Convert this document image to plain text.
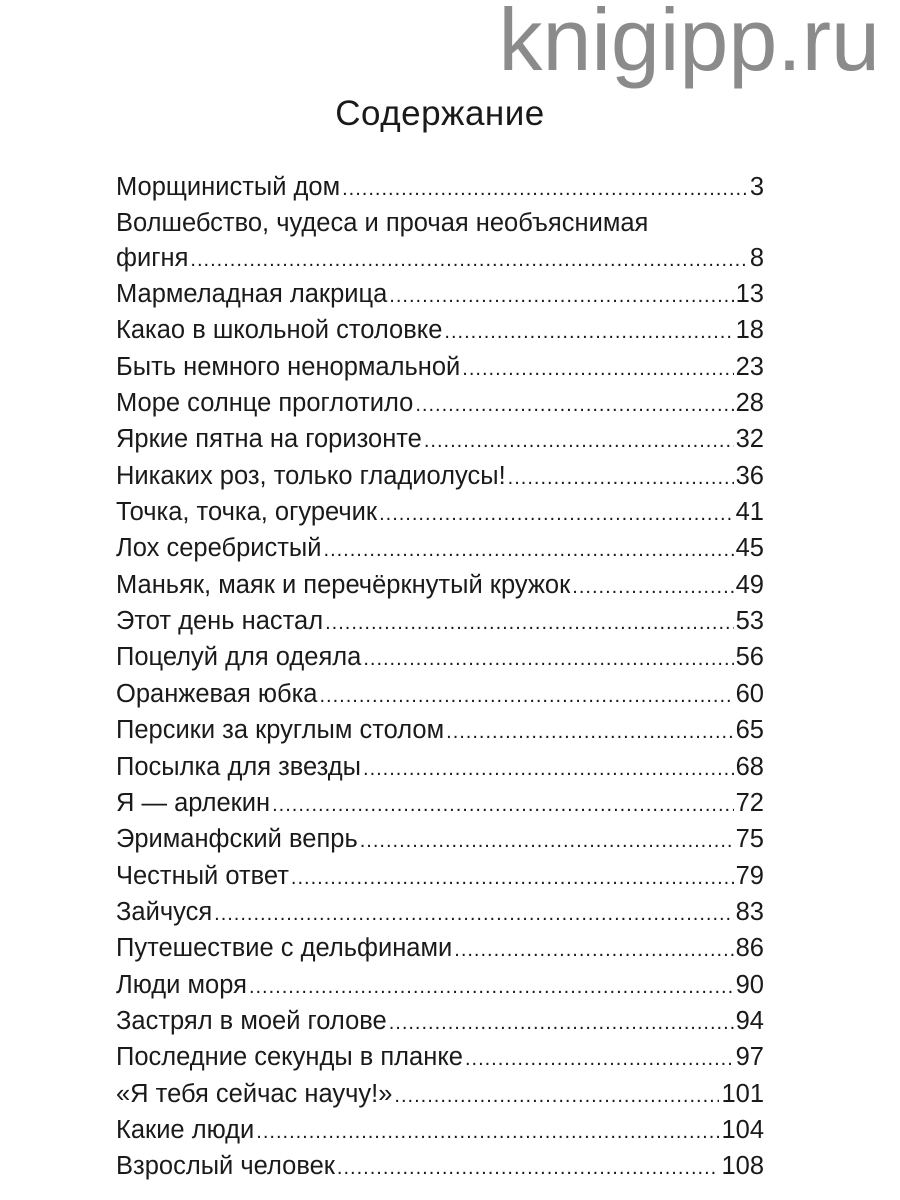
knigipp.ru
Содержание
Морщинистый дом .....	3
Волшебство, чудеса и прочая необъяснимая
фигня .....	8
Мармеладная лакрица .....	13
Какао в школьной столовке .....	18
Быть немного ненормальной .....	23
Море солнце проглотило .....	28
Яркие пятна на горизонте .....	32
Никаких роз, только гладиолусы! .....	36
Точка, точка, огуречик .....	41
Лох серебристый .....	45
Маньяк, маяк и перечёркнутый кружок .....	49
Этот день настал .....	53
Поцелуй для одеяла .....	56
Оранжевая юбка .....	60
Персики за круглым столом .....	65
Посылка для звезды .....	68
Я — арлекин .....	72
Эриманфский вепрь .....	75
Честный ответ .....	79
Зайчуся .....	83
Путешествие с дельфинами .....	86
Люди моря .....	90
Застрял в моей голове .....	94
Последние секунды в планке .....	97
«Я тебя сейчас научу!» .....	101
Какие люди .....	104
Взрослый человек .....	108
